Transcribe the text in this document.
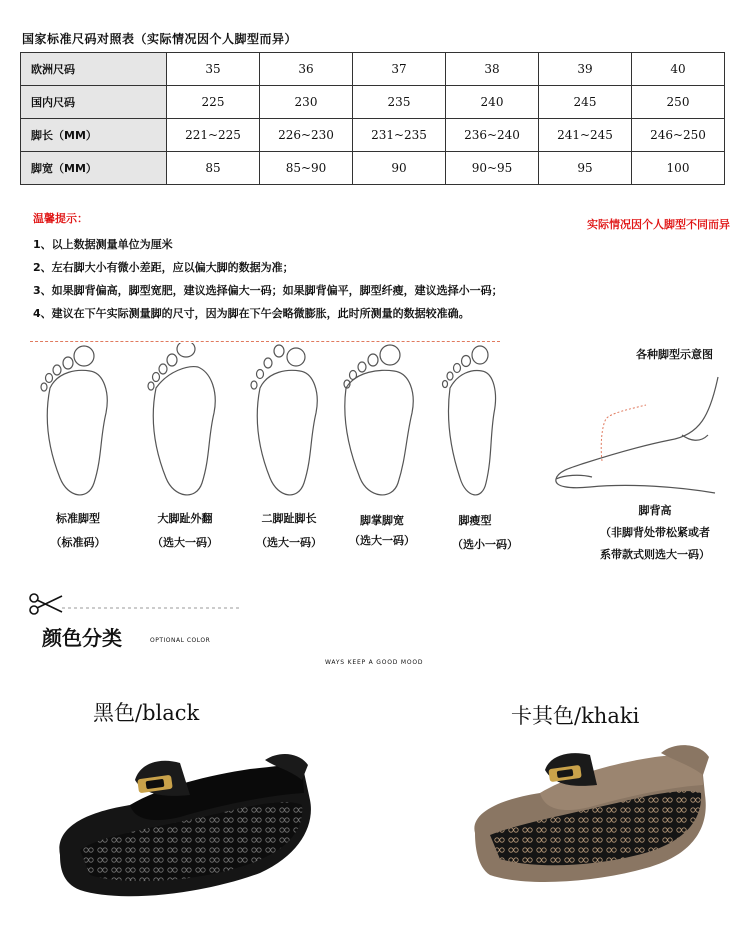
国家标准尺码对照表（实际情况因个人脚型而异）
欧洲尺码	35	36	37	38	39	40
国内尺码	225	230	235	240	245	250
脚长（MM）	221~225	226~230	231~235	236~240	241~245	246~250
脚宽（MM）	85	85~90	90	90~95	95	100
温馨提示：	实际情况因个人脚型不同而异
1、以上数据测量单位为厘米
2、左右脚大小有微小差距，应以偏大脚的数据为准；
3、如果脚背偏高，脚型宽肥，建议选择偏大一码；如果脚背偏平，脚型纤瘦，建议选择小一码；
4、建议在下午实际测量脚的尺寸，因为脚在下午会略微膨胀，此时所测量的数据较准确。
标准脚型
（标准码）
大脚趾外翻
（选大一码）
二脚趾脚长
（选大一码）
脚掌脚宽
（选大一码）
脚瘦型
（选小一码）
各种脚型示意图
脚背高
（非脚背处带松紧或者
系带款式则选大一码）
颜色分类	OPTIONAL COLOR
WAYS KEEP A GOOD MOOD
黑色/black	卡其色/khaki
